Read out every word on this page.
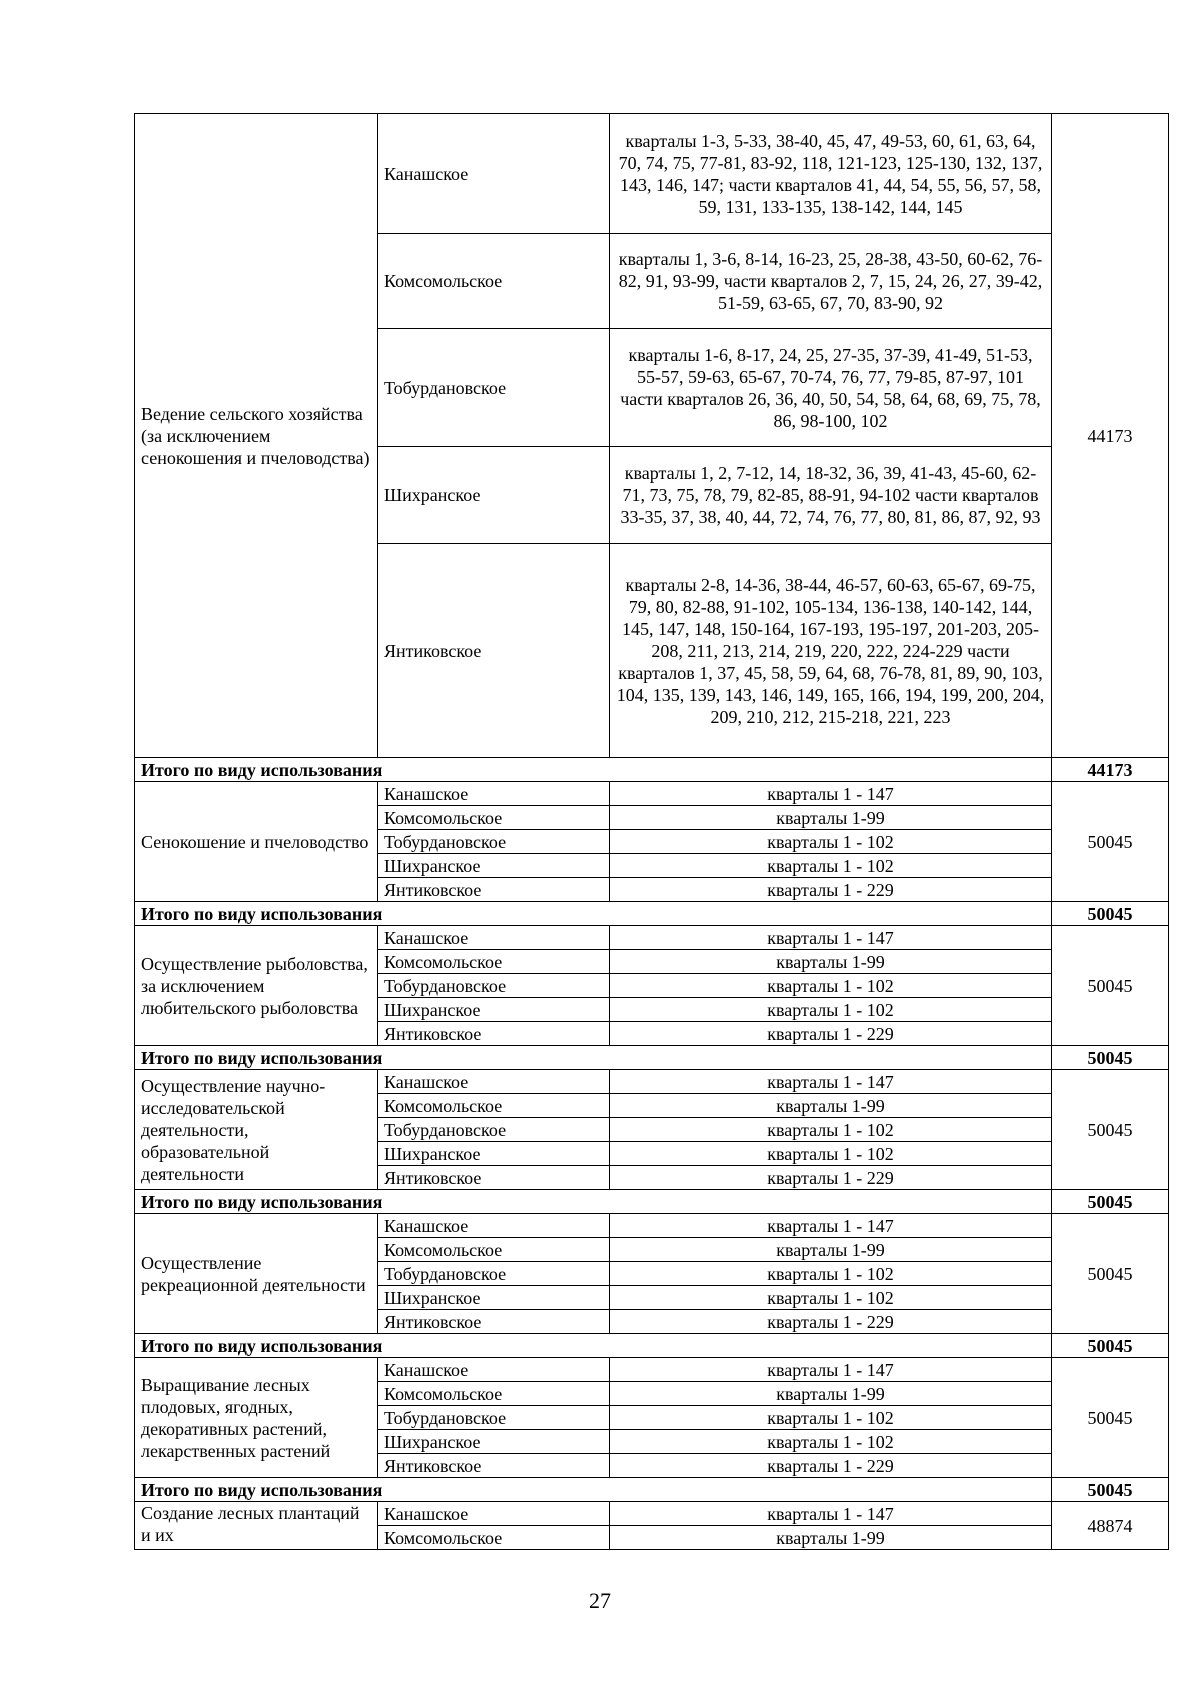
Ведение сельского хозяйства (за исключением сенокошения и пчеловодства)	Канашское	кварталы 1-3, 5-33, 38-40, 45, 47, 49-53, 60, 61, 63, 64, 70, 74, 75, 77-81, 83-92, 118, 121-123, 125-130, 132, 137, 143, 146, 147; части кварталов 41, 44, 54, 55, 56, 57, 58, 59, 131, 133-135, 138-142, 144, 145	44173
	Комсомольское	кварталы 1, 3-6, 8-14, 16-23, 25, 28-38, 43-50, 60-62, 76-82, 91, 93-99, части кварталов 2, 7, 15, 24, 26, 27, 39-42, 51-59, 63-65, 67, 70, 83-90, 92	
	Тобурдановское	кварталы 1-6, 8-17, 24, 25, 27-35, 37-39, 41-49, 51-53, 55-57, 59-63, 65-67, 70-74, 76, 77, 79-85, 87-97, 101 части кварталов 26, 36, 40, 50, 54, 58, 64, 68, 69, 75, 78, 86, 98-100, 102	
	Шихранское	кварталы 1, 2, 7-12, 14, 18-32, 36, 39, 41-43, 45-60, 62-71, 73, 75, 78, 79, 82-85, 88-91, 94-102 части кварталов 33-35, 37, 38, 40, 44, 72, 74, 76, 77, 80, 81, 86, 87, 92, 93	
	Янтиковское	кварталы 2-8, 14-36, 38-44, 46-57, 60-63, 65-67, 69-75, 79, 80, 82-88, 91-102, 105-134, 136-138, 140-142, 144, 145, 147, 148, 150-164, 167-193, 195-197, 201-203, 205-208, 211, 213, 214, 219, 220, 222, 224-229 части кварталов 1, 37, 45, 58, 59, 64, 68, 76-78, 81, 89, 90, 103, 104, 135, 139, 143, 146, 149, 165, 166, 194, 199, 200, 204, 209, 210, 212, 215-218, 221, 223	
Итого по виду использования			44173
Сенокошение и пчеловодство	Канашское	кварталы 1 - 147	50045
	Комсомольское	кварталы 1-99	
	Тобурдановское	кварталы 1 - 102	
	Шихранское	кварталы 1 - 102	
	Янтиковское	кварталы 1 - 229	
Итого по виду использования			50045
Осуществление рыболовства, за исключением любительского рыболовства	Канашское	кварталы 1 - 147	50045
	Комсомольское	кварталы 1-99	
	Тобурдановское	кварталы 1 - 102	
	Шихранское	кварталы 1 - 102	
	Янтиковское	кварталы 1 - 229	
Итого по виду использования			50045
Осуществление научно-исследовательской деятельности, образовательной деятельности	Канашское	кварталы 1 - 147	50045
	Комсомольское	кварталы 1-99	
	Тобурдановское	кварталы 1 - 102	
	Шихранское	кварталы 1 - 102	
	Янтиковское	кварталы 1 - 229	
Итого по виду использования			50045
Осуществление рекреационной деятельности	Канашское	кварталы 1 - 147	50045
	Комсомольское	кварталы 1-99	
	Тобурдановское	кварталы 1 - 102	
	Шихранское	кварталы 1 - 102	
	Янтиковское	кварталы 1 - 229	
Итого по виду использования			50045
Выращивание лесных плодовых, ягодных, декоративных растений, лекарственных растений	Канашское	кварталы 1 - 147	50045
	Комсомольское	кварталы 1-99	
	Тобурдановское	кварталы 1 - 102	
	Шихранское	кварталы 1 - 102	
	Янтиковское	кварталы 1 - 229	
Итого по виду использования			50045
Создание лесных плантаций и их	Канашское	кварталы 1 - 147	48874
	Комсомольское	кварталы 1-99	
27
